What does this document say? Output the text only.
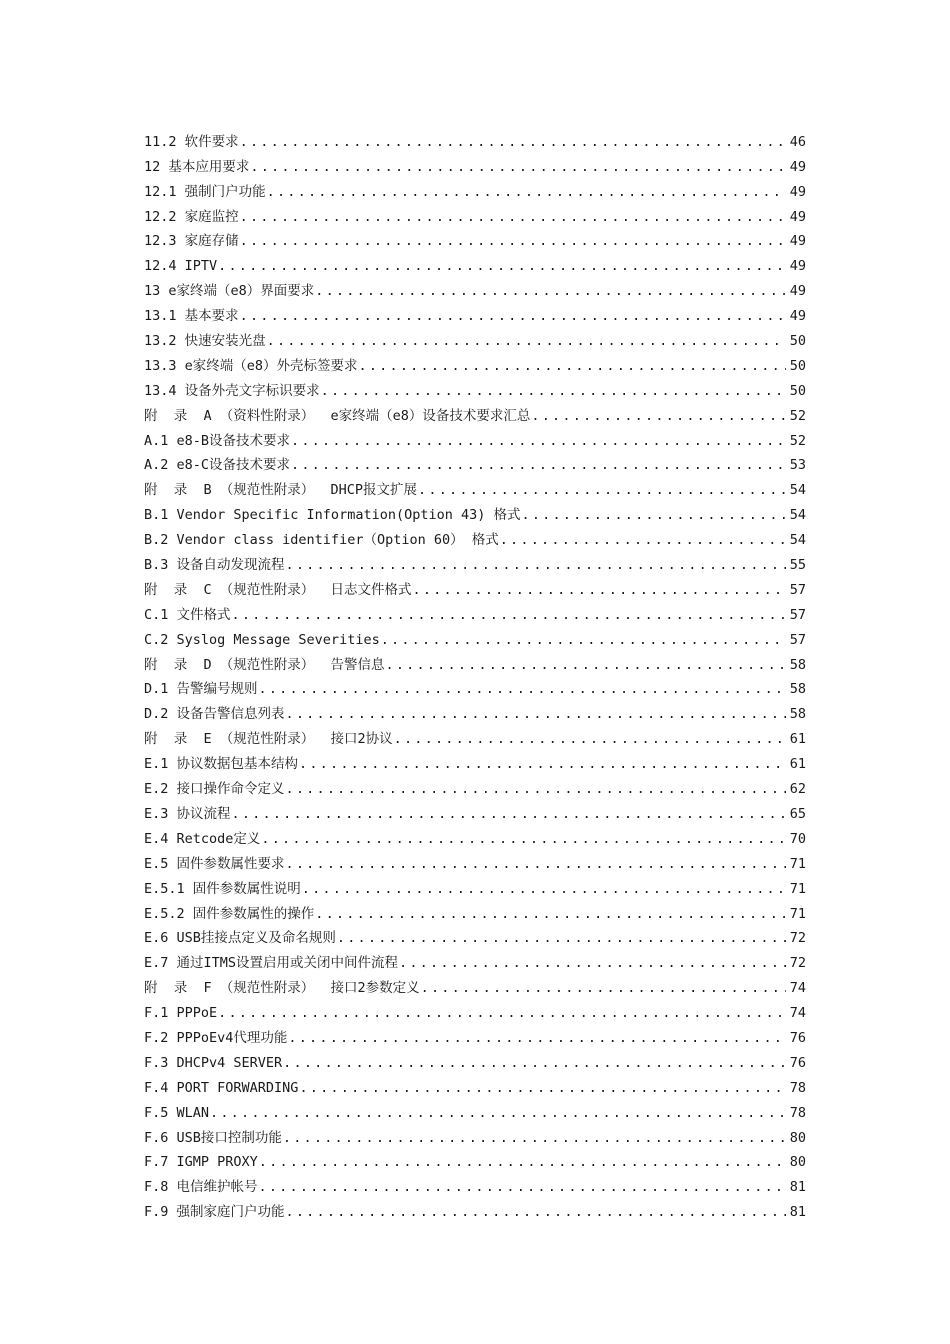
11.2 软件要求 .....	46
12 基本应用要求 .....	49
12.1 强制门户功能 .....	49
12.2 家庭监控 .....	49
12.3 家庭存储 .....	49
12.4 IPTV .....	49
13 e家终端（e8）界面要求 .....	49
13.1 基本要求 .....	49
13.2 快速安装光盘 .....	50
13.3 e家终端（e8）外壳标签要求 .....	50
13.4 设备外壳文字标识要求 .....	50
附  录  A （资料性附录）  e家终端（e8）设备技术要求汇总 .....	52
A.1 e8-B设备技术要求 .....	52
A.2 e8-C设备技术要求 .....	53
附  录  B （规范性附录）  DHCP报文扩展 .....	54
B.1 Vendor Specific Information(Option 43) 格式 .....	54
B.2 Vendor class identifier（Option 60） 格式 .....	54
B.3 设备自动发现流程 .....	55
附  录  C （规范性附录）  日志文件格式 .....	57
C.1 文件格式 .....	57
C.2 Syslog Message Severities .....	57
附  录  D （规范性附录）  告警信息 .....	58
D.1 告警编号规则 .....	58
D.2 设备告警信息列表 .....	58
附  录  E （规范性附录）  接口2协议 .....	61
E.1 协议数据包基本结构 .....	61
E.2 接口操作命令定义 .....	62
E.3 协议流程 .....	65
E.4 Retcode定义 .....	70
E.5 固件参数属性要求 .....	71
E.5.1 固件参数属性说明 .....	71
E.5.2 固件参数属性的操作 .....	71
E.6 USB挂接点定义及命名规则 .....	72
E.7 通过ITMS设置启用或关闭中间件流程 .....	72
附  录  F （规范性附录）  接口2参数定义 .....	74
F.1 PPPoE .....	74
F.2 PPPoEv4代理功能 .....	76
F.3 DHCPv4 SERVER .....	76
F.4 PORT FORWARDING .....	78
F.5 WLAN .....	78
F.6 USB接口控制功能 .....	80
F.7 IGMP PROXY .....	80
F.8 电信维护帐号 .....	81
F.9 强制家庭门户功能 .....	81
